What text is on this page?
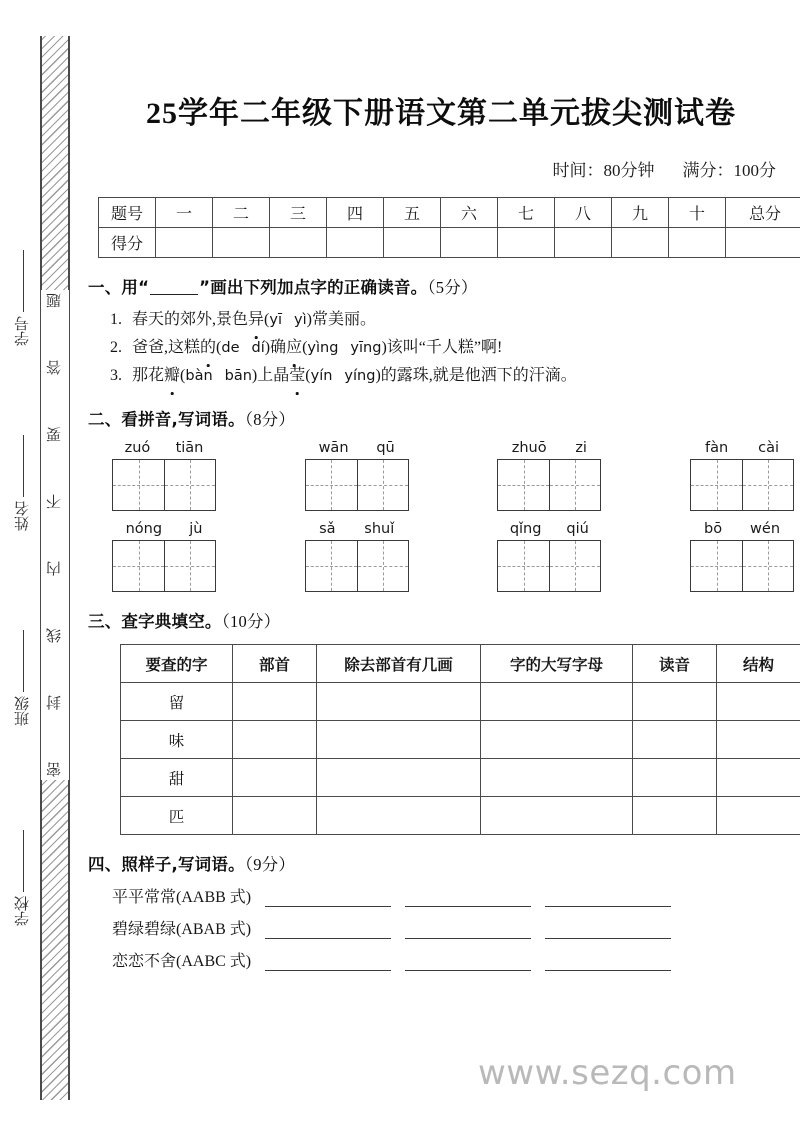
密
封
线
内
不
要
答
题
学号
姓名
班级
学校
25学年二年级下册语文第二单元拔尖测试卷

时间：80分钟 满分：100分

题号	一	二	三	四	五	六	七	八	九	十	总分
得分											
一、用“	”画出下列加点字的正确读音。（5分）
1. 春天的郊外,景色异(yī yì)常美丽。
2. 爸爸,这糕的(de dí)确应(yìng yīng)该叫“千人糕”啊!
3. 那花瓣(bàn bān)上晶莹(yín yíng)的露珠,就是他洒下的汗滴。
二、看拼音,写词语。（8分）
zuó tiān	wān qū	zhuō zi	fàn cài
nóng jù	sǎ shuǐ	qǐng qiú	bō wén
三、查字典填空。（10分）
要查的字	部首	除去部首有几画	字的大写字母	读音	结构
留					
味					
甜					
匹					
四、照样子,写词语。（9分）
平平常常(AABB 式)
碧绿碧绿(ABAB 式)
恋恋不舍(AABC 式)
www.sezq.com
